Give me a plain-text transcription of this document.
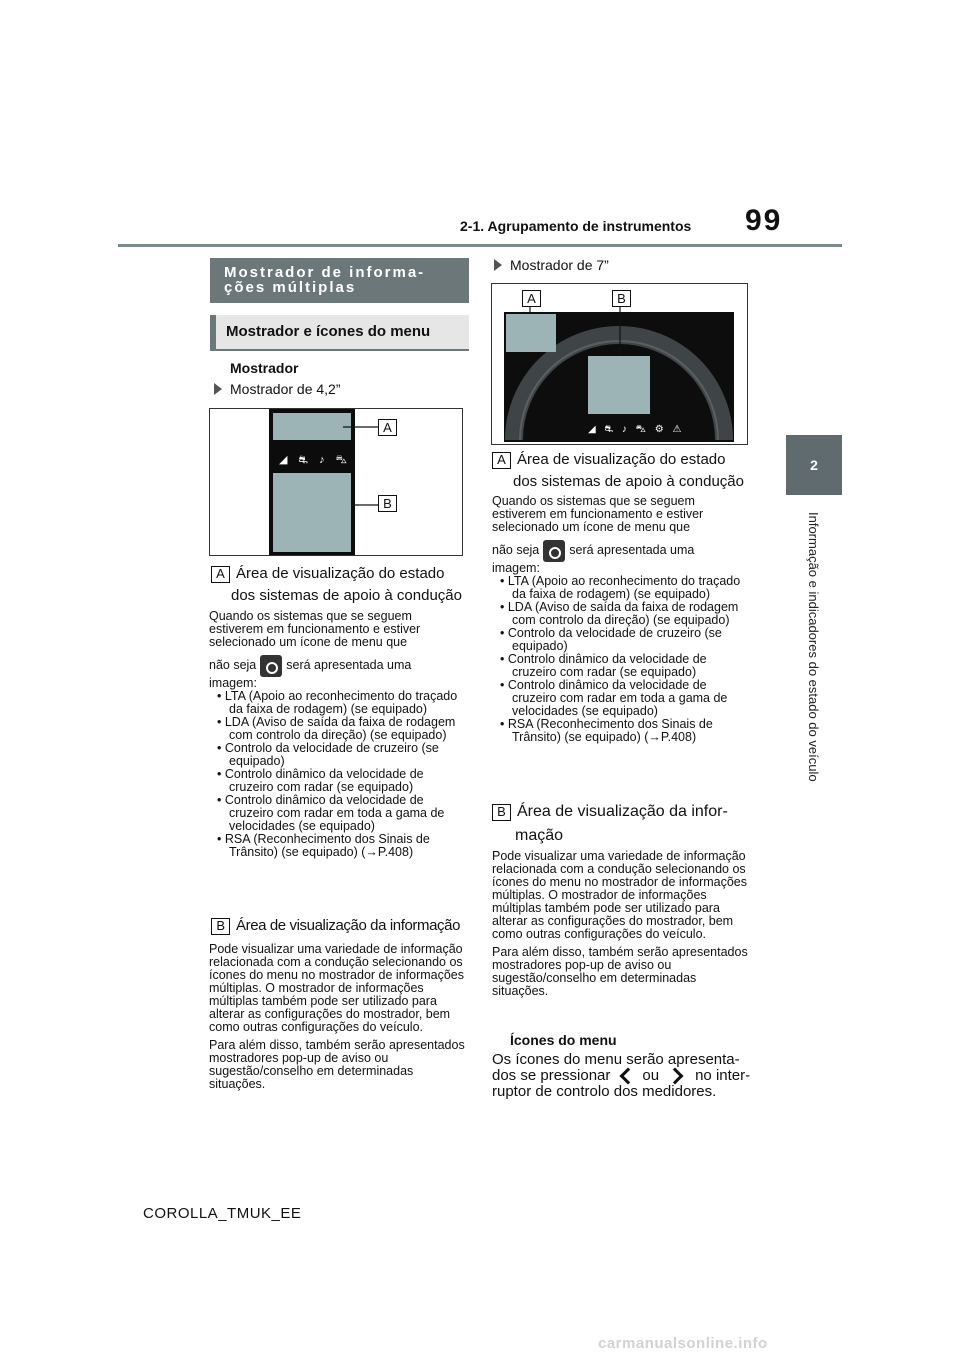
2-1. Agrupamento de instrumentos 99
2
Informação e indicadores do estado do veículo
Mostrador de informa-ções múltiplas
Mostrador e ícones do menu
Mostrador
Mostrador de 4,2”
◢ ⛐ ♪ ⛍ ⚙ ⚠
A
B
A Área de visualização do estado
dos sistemas de apoio à condução

Quando os sistemas que se seguem estiverem em funcionamento e estiver selecionado um ícone de menu que

não seja será apresentada uma
imagem:
• LTA (Apoio ao reconhecimento do traçado da faixa de rodagem) (se equipado)
• LDA (Aviso de saída da faixa de rodagem com controlo da direção) (se equipado)
• Controlo da velocidade de cruzeiro (se equipado)
• Controlo dinâmico da velocidade de cruzeiro com radar (se equipado)
• Controlo dinâmico da velocidade de cruzeiro com radar em toda a gama de velocidades (se equipado)
• RSA (Reconhecimento dos Sinais de Trânsito) (se equipado) (→P.408)
B Área de visualização da informação

Pode visualizar uma variedade de informação relacionada com a condução selecionando os ícones do menu no mostrador de informações múltiplas. O mostrador de informações múltiplas também pode ser utilizado para alterar as configurações do mostrador, bem como outras configurações do veículo.

Para além disso, também serão apresentados mostradores pop-up de aviso ou sugestão/conselho em determinadas situações.

Mostrador de 7”
◢ ⛐ ♪ ⛍ ⚙ ⚠
A	B
A Área de visualização do estado
dos sistemas de apoio à condução

Quando os sistemas que se seguem estiverem em funcionamento e estiver selecionado um ícone de menu que

não seja será apresentada uma
imagem:
• LTA (Apoio ao reconhecimento do traçado da faixa de rodagem) (se equipado)
• LDA (Aviso de saída da faixa de rodagem com controlo da direção) (se equipado)
• Controlo da velocidade de cruzeiro (se equipado)
• Controlo dinâmico da velocidade de cruzeiro com radar (se equipado)
• Controlo dinâmico da velocidade de cruzeiro com radar em toda a gama de velocidades (se equipado)
• RSA (Reconhecimento dos Sinais de Trânsito) (se equipado) (→P.408)
B Área de visualização da infor-
mação

Pode visualizar uma variedade de informação relacionada com a condução selecionando os ícones do menu no mostrador de informações múltiplas. O mostrador de informações múltiplas também pode ser utilizado para alterar as configurações do mostrador, bem como outras configurações do veículo.

Para além disso, também serão apresentados mostradores pop-up de aviso ou sugestão/conselho em determinadas situações.

Ícones do menu
Os ícones do menu serão apresenta-
dos se pressionar ou no inter-
ruptor de controlo dos medidores.
COROLLA_TMUK_EE
carmanualsonline.info
